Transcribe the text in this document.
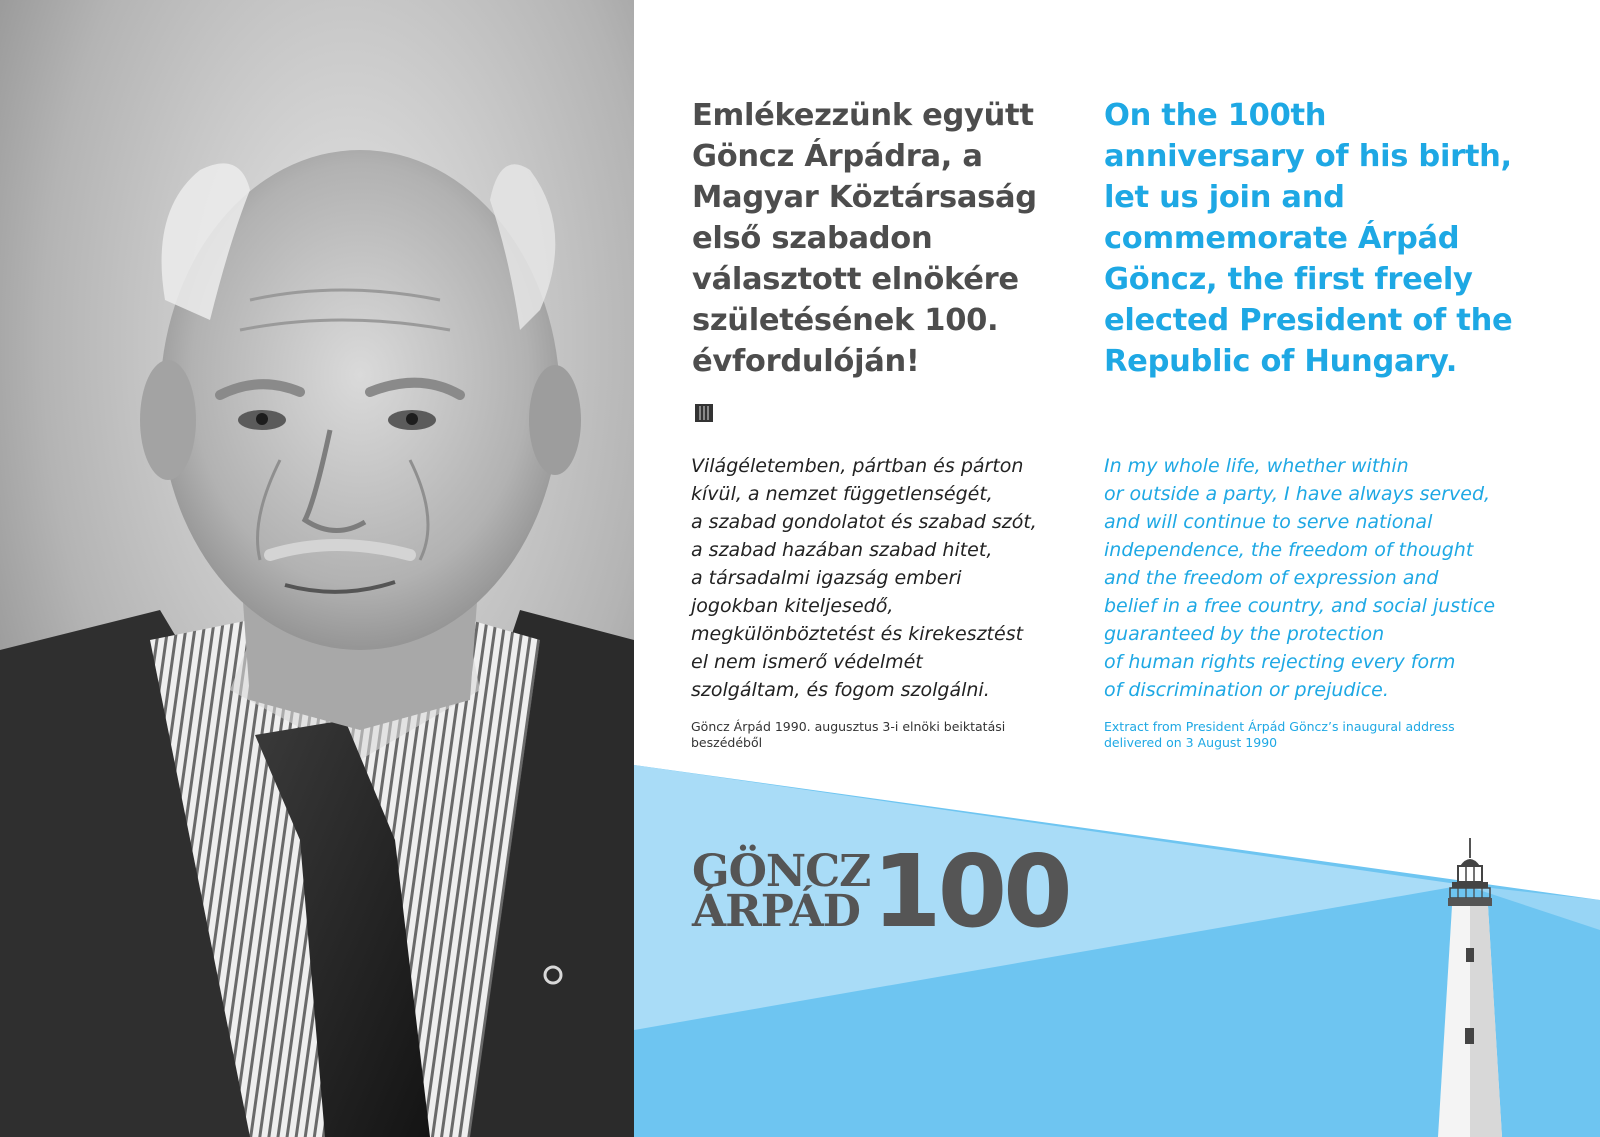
Emlékezzünk együtt Göncz Árpádra, a Magyar Köztársaság első szabadon választott elnökére születésének 100. évfordulóján!
On the 100th anniversary of his birth, let us join and commemorate Árpád Göncz, the first freely elected President of the Republic of Hungary.
Világéletemben, pártban és párton
kívül, a nemzet függetlenségét,
a szabad gondolatot és szabad szót,
a szabad hazában szabad hitet,
a társadalmi igazság emberi
jogokban kiteljesedő,
megkülönböztetést és kirekesztést
el nem ismerő védelmét
szolgáltam, és fogom szolgálni.
In my whole life, whether within
or outside a party, I have always served,
and will continue to serve national
independence, the freedom of thought
and the freedom of expression and
belief in a free country, and social justice
guaranteed by the protection
of human rights rejecting every form
of discrimination or prejudice.
Göncz Árpád 1990. augusztus 3-i elnöki beiktatási beszédéből
Extract from President Árpád Göncz’s inaugural address delivered on 3 August 1990
GÖNCZ
ÁRPÁD 100
